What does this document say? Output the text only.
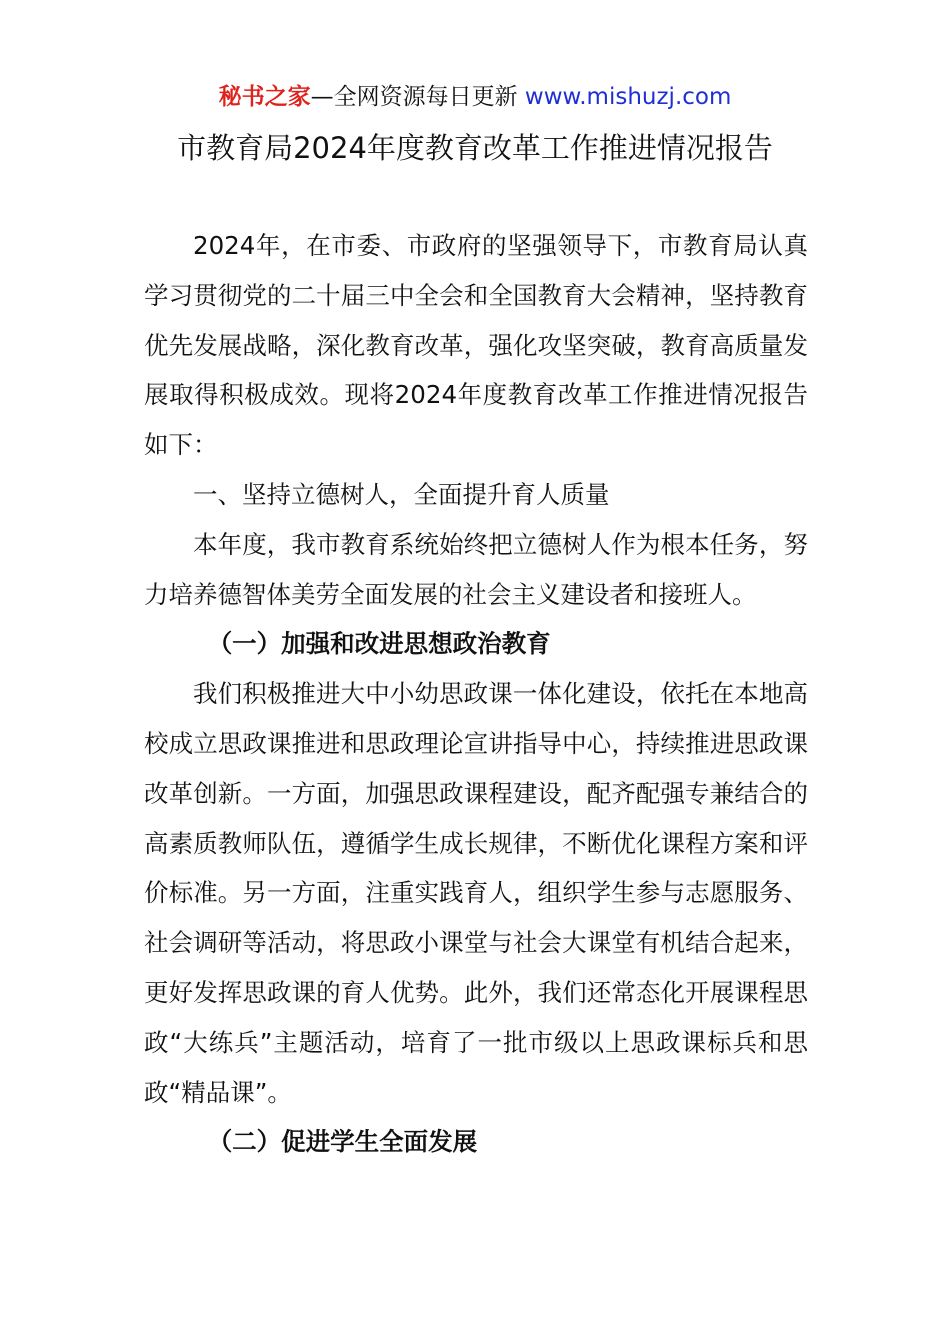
秘书之家—全网资源每日更新 www.mishuzj.com
市教育局2024年度教育改革工作推进情况报告

2024年，在市委、市政府的坚强领导下，市教育局认真学习贯彻党的二十届三中全会和全国教育大会精神，坚持教育优先发展战略，深化教育改革，强化攻坚突破，教育高质量发展取得积极成效。现将2024年度教育改革工作推进情况报告如下：

一、坚持立德树人，全面提升育人质量

本年度，我市教育系统始终把立德树人作为根本任务，努力培养德智体美劳全面发展的社会主义建设者和接班人。

（一）加强和改进思想政治教育

我们积极推进大中小幼思政课一体化建设，依托在本地高校成立思政课推进和思政理论宣讲指导中心，持续推进思政课改革创新。一方面，加强思政课程建设，配齐配强专兼结合的高素质教师队伍，遵循学生成长规律，不断优化课程方案和评价标准。另一方面，注重实践育人，组织学生参与志愿服务、社会调研等活动，将思政小课堂与社会大课堂有机结合起来，更好发挥思政课的育人优势。此外，我们还常态化开展课程思政“大练兵”主题活动，培育了一批市级以上思政课标兵和思政“精品课”。

（二）促进学生全面发展
